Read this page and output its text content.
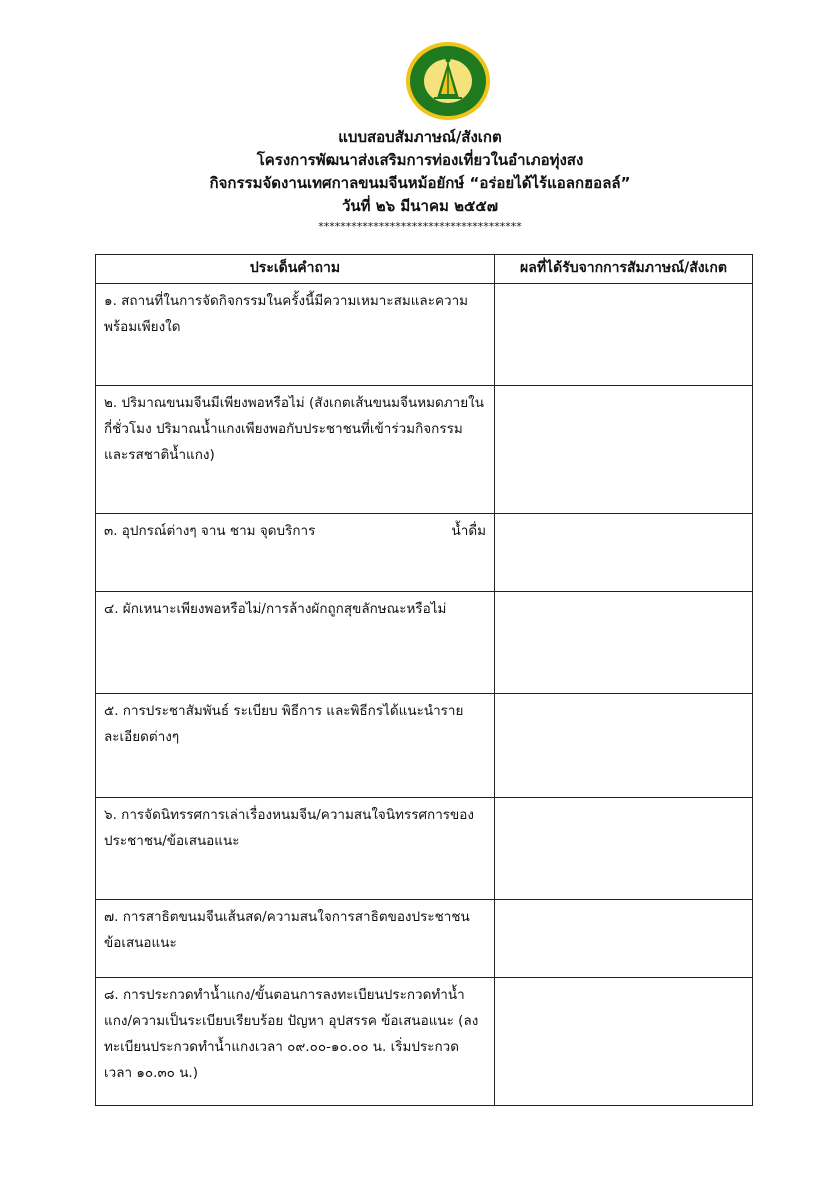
แบบสอบสัมภาษณ์/สังเกต
โครงการพัฒนาส่งเสริมการท่องเที่ยวในอำเภอทุ่งสง
กิจกรรมจัดงานเทศกาลขนมจีนหม้อยักษ์ “อร่อยได้ไร้แอลกฮอลล์”
วันที่ ๒๖ มีนาคม ๒๕๕๗
*************************************
ประเด็นคำถาม	ผลที่ได้รับจากการสัมภาษณ์/สังเกต
๑. สถานที่ในการจัดกิจกรรมในครั้งนี้มีความเหมาะสมและความพร้อมเพียงใด	
๒. ปริมาณขนมจีนมีเพียงพอหรือไม่ (สังเกตเส้นขนมจีนหมดภายในกี่ชั่วโมง ปริมาณน้ำแกงเพียงพอกับประชาชนที่เข้าร่วมกิจกรรม และรสชาติน้ำแกง)	

๓. อุปกรณ์ต่างๆ จาน ชาม จุดบริการ น้ำดื่ม	

๔. ผักเหนาะเพียงพอหรือไม่/การล้างผักถูกสุขลักษณะหรือไม่	
๕. การประชาสัมพันธ์ ระเบียบ พิธีการ และพิธีกรได้แนะนำรายละเอียดต่างๆ	
๖. การจัดนิทรรศการเล่าเรื่องหนมจีน/ความสนใจนิทรรศการของประชาชน/ข้อเสนอแนะ	
๗. การสาธิตขนมจีนเส้นสด/ความสนใจการสาธิตของประชาชนข้อเสนอแนะ	
๘. การประกวดทำน้ำแกง/ขั้นตอนการลงทะเบียนประกวดทำน้ำแกง/ความเป็นระเบียบเรียบร้อย ปัญหา อุปสรรค ข้อเสนอแนะ (ลงทะเบียนประกวดทำน้ำแกงเวลา ๐๙.๐๐-๑๐.๐๐ น. เริ่มประกวดเวลา ๑๐.๓๐ น.)	
